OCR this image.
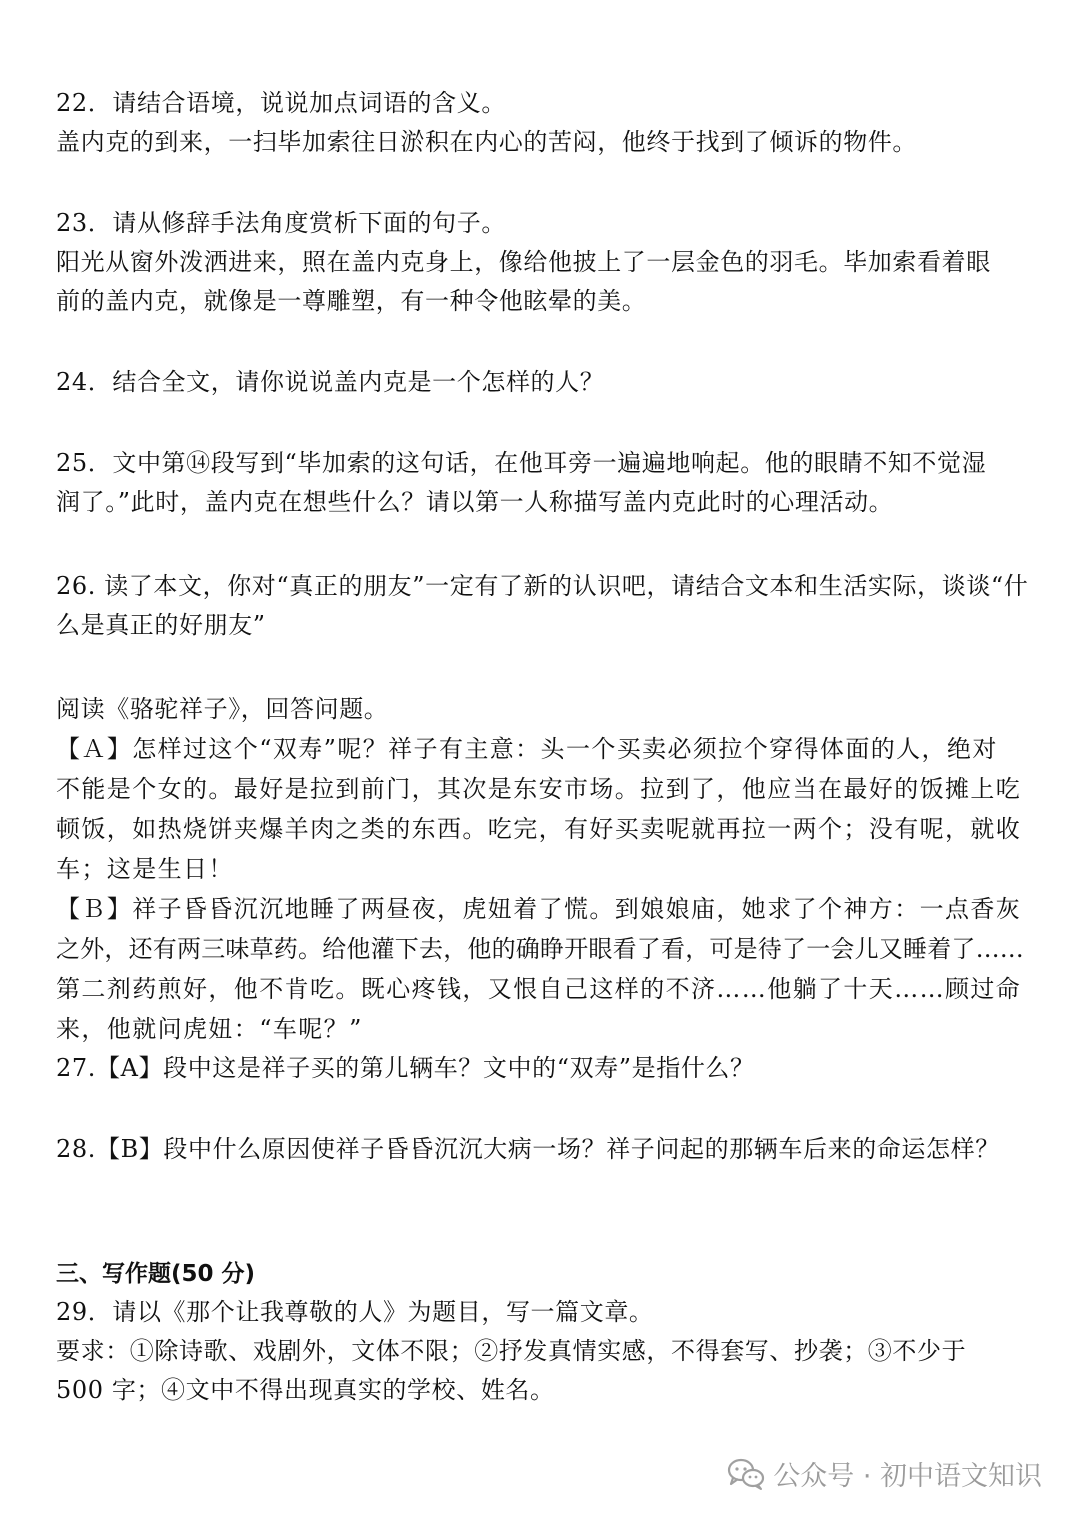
22．请结合语境，说说加点词语的含义。
盖内克的到来，一扫毕加索往日淤积在内心的苦闷，他终于找到了倾诉的物件。
23．请从修辞手法角度赏析下面的句子。
阳光从窗外泼洒进来，照在盖内克身上，像给他披上了一层金色的羽毛。毕加索看着眼
前的盖内克，就像是一尊雕塑，有一种令他眩晕的美。
24．结合全文，请你说说盖内克是一个怎样的人？
25．文中第⑭段写到“毕加索的这句话，在他耳旁一遍遍地响起。他的眼睛不知不觉湿
润了。”此时，盖内克在想些什么？请以第一人称描写盖内克此时的心理活动。
26. 读了本文，你对“真正的朋友”一定有了新的认识吧，请结合文本和生活实际，谈谈“什
么是真正的好朋友”
阅读《骆驼祥子》，回答问题。
【Ａ】怎样过这个“双寿”呢？祥子有主意：头一个买卖必须拉个穿得体面的人，绝对
不能是个女的。最好是拉到前门，其次是东安市场。拉到了，他应当在最好的饭摊上吃
顿饭，如热烧饼夹爆羊肉之类的东西。吃完，有好买卖呢就再拉一两个；没有呢，就收
车；这是生日！
【Ｂ】祥子昏昏沉沉地睡了两昼夜，虎妞着了慌。到娘娘庙，她求了个神方：一点香灰
之外，还有两三味草药。给他灌下去，他的确睁开眼看了看，可是待了一会儿又睡着了……
第二剂药煎好，他不肯吃。既心疼钱，又恨自己这样的不济……他躺了十天……顾过命
来，他就问虎妞：“车呢？”
27.【A】段中这是祥子买的第儿辆车？文中的“双寿”是指什么？
28.【B】段中什么原因使祥子昏昏沉沉大病一场？祥子问起的那辆车后来的命运怎样？
三、写作题(50 分)
29．请以《那个让我尊敬的人》为题目，写一篇文章。
要求：①除诗歌、戏剧外，文体不限；②抒发真情实感，不得套写、抄袭；③不少于
500 字；④文中不得出现真实的学校、姓名。
公众号 · 初中语文知识
